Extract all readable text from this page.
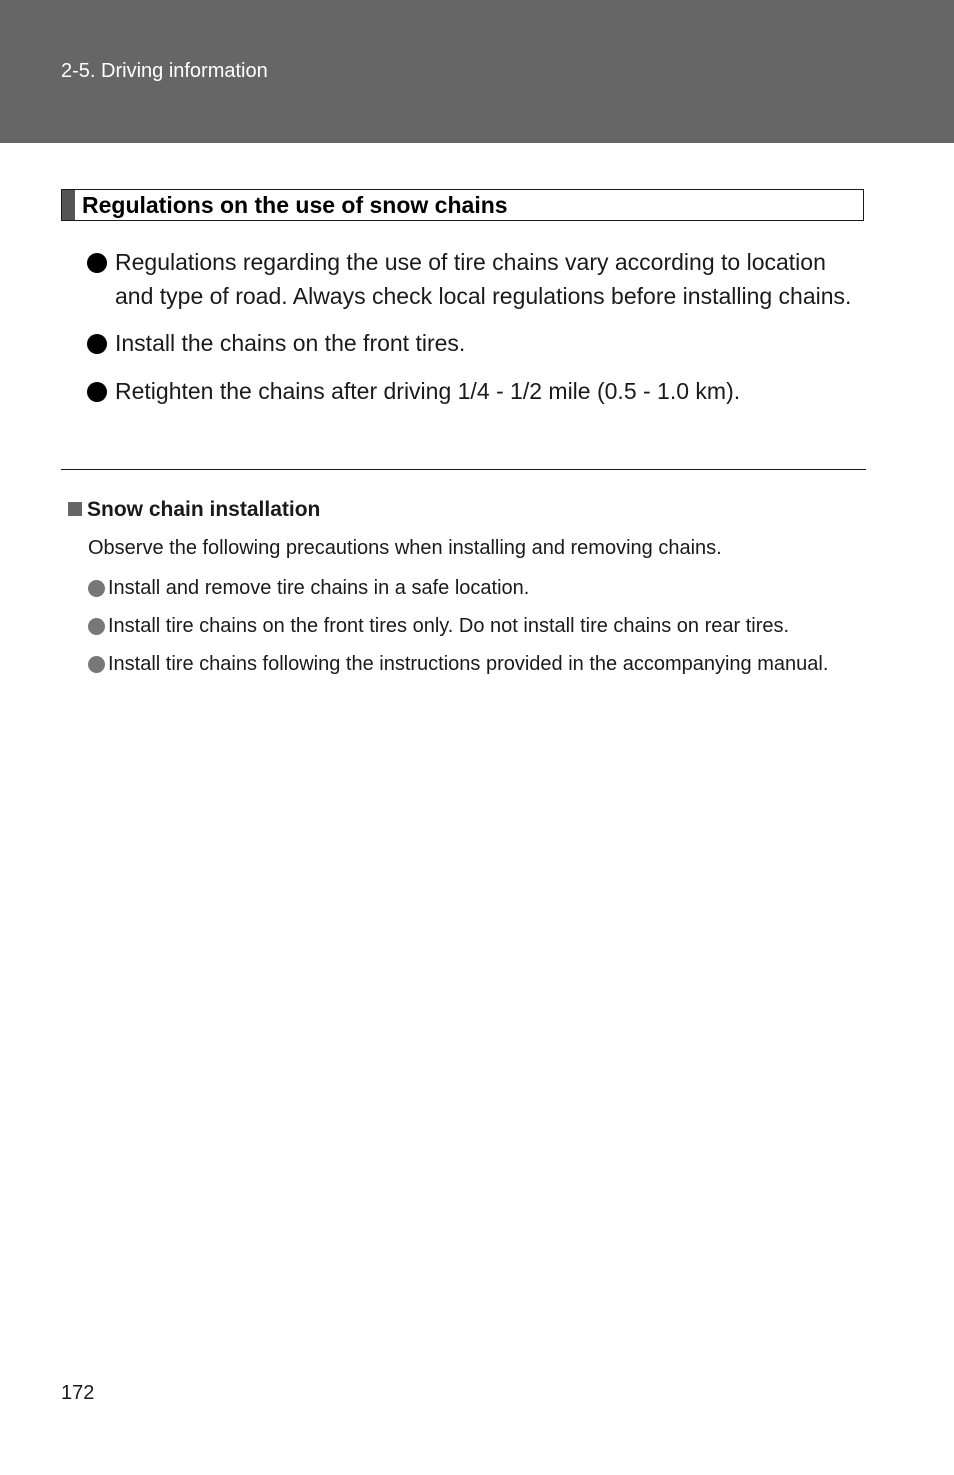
2-5. Driving information
Regulations on the use of snow chains
Regulations regarding the use of tire chains vary according to location and type of road. Always check local regulations before installing chains.
Install the chains on the front tires.
Retighten the chains after driving 1/4 - 1/2 mile (0.5 - 1.0 km).
Snow chain installation
Observe the following precautions when installing and removing chains.
Install and remove tire chains in a safe location.
Install tire chains on the front tires only. Do not install tire chains on rear tires.
Install tire chains following the instructions provided in the accompanying manual.
172
